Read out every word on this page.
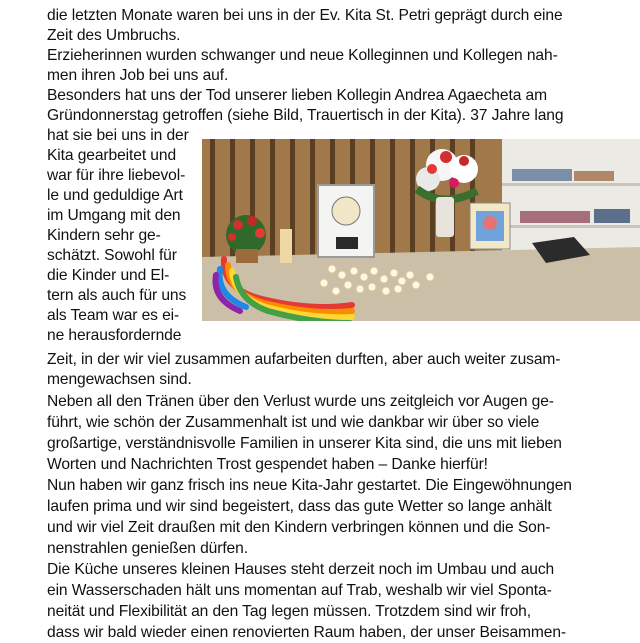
die letzten Monate waren bei uns in der Ev. Kita St. Petri geprägt durch eine
Zeit des Umbruchs.
Erzieherinnen wurden schwanger und neue Kolleginnen und Kollegen nah-
men ihren Job bei uns auf.
Besonders hat uns der Tod unserer lieben Kollegin Andrea Agaecheta am
Gründonnerstag getroffen (siehe Bild, Trauertisch in der Kita). 37 Jahre lang
hat sie bei uns in der
Kita gearbeitet und
war für ihre liebevol-
le und geduldige Art
im Umgang mit den
Kindern sehr ge-
schätzt. Sowohl für
die Kinder und El-
tern als auch für uns
als Team war es ei-
ne herausfordernde
Zeit, in der wir viel zusammen aufarbeiten durften, aber auch weiter zusam-
mengewachsen sind.
Neben all den Tränen über den Verlust wurde uns zeitgleich vor Augen ge-
führt, wie schön der Zusammenhalt ist und wie dankbar wir über so viele
großartige, verständnisvolle Familien in unserer Kita sind, die uns mit lieben
Worten und Nachrichten Trost gespendet haben – Danke hierfür!
Nun haben wir ganz frisch ins neue Kita-Jahr gestartet. Die Eingewöhnungen
laufen prima und wir sind begeistert, dass das gute Wetter so lange anhält
und wir viel Zeit draußen mit den Kindern verbringen können und die Son-
nenstrahlen genießen dürfen.
Die Küche unseres kleinen Hauses steht derzeit noch im Umbau und auch
ein Wasserschaden hält uns momentan auf Trab, weshalb wir viel Sponta-
neität und Flexibilität an den Tag legen müssen. Trotzdem sind wir froh,
dass wir bald wieder einen renovierten Raum haben, der unser Beisammen-
